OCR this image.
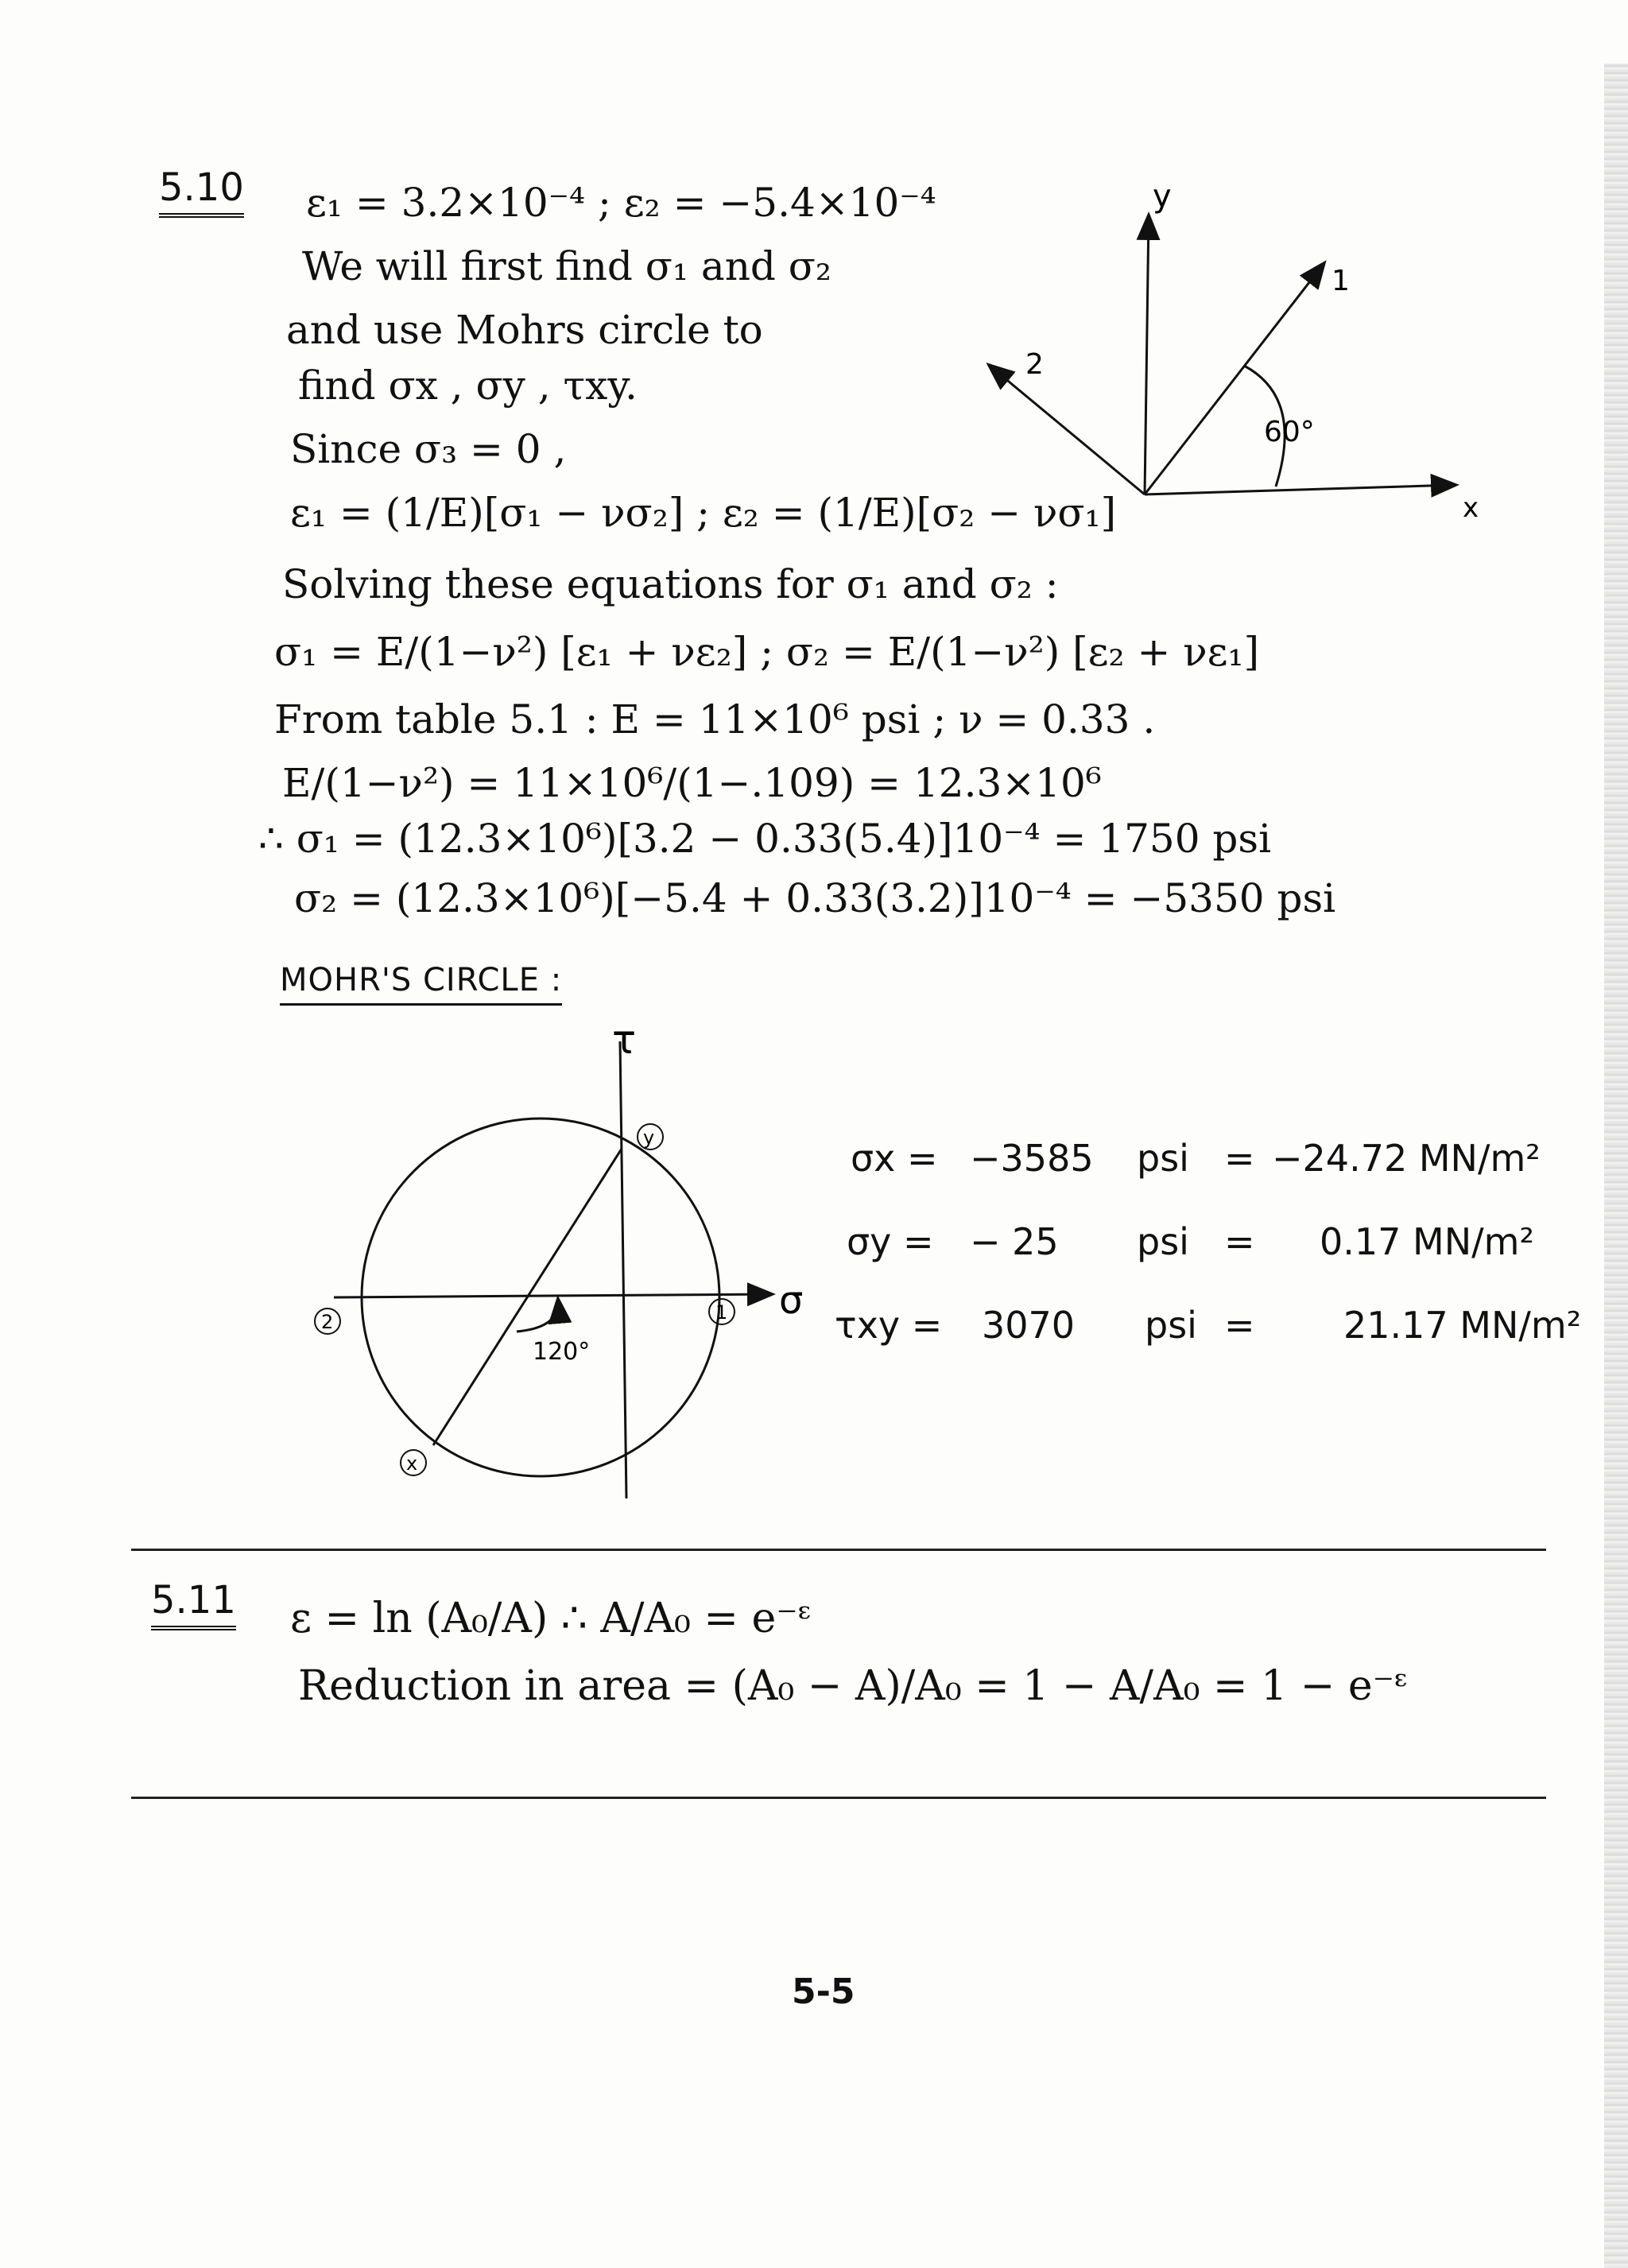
5.10 ε₁ = 3.2×10⁻⁴ ; ε₂ = −5.4×10⁻⁴
We will first find σ₁ and σ₂
and use Mohrs circle to
find σx , σy , τxy.
Since σ₃ = 0 ,
ε₁ = (1/E)[σ₁ − νσ₂] ; ε₂ = (1/E)[σ₂ − νσ₁]
Solving these equations for σ₁ and σ₂ :
σ₁ = E/(1−ν²) [ε₁ + νε₂] ; σ₂ = E/(1−ν²) [ε₂ + νε₁]
From table 5.1 : E = 11×10⁶ psi ; ν = 0.33 .
E/(1−ν²) = 11×10⁶/(1−.109) = 12.3×10⁶
∴ σ₁ = (12.3×10⁶)[3.2 − 0.33(5.4)]10⁻⁴ = 1750 psi
σ₂ = (12.3×10⁶)[−5.4 + 0.33(3.2)]10⁻⁴ = −5350 psi
x
y
1
2
60°
MOHR'S CIRCLE :
τ
σ
y
x
1
2
120°
σx = −3585 psi = −24.72 MN/m²
σy = − 25 psi = 0.17 MN/m²
τxy = 3070 psi = 21.17 MN/m²
5.11 ε = ln (A₀/A) ∴ A/A₀ = e⁻ᵋ
Reduction in area = (A₀ − A)/A₀ = 1 − A/A₀ = 1 − e⁻ᵋ
5-5
